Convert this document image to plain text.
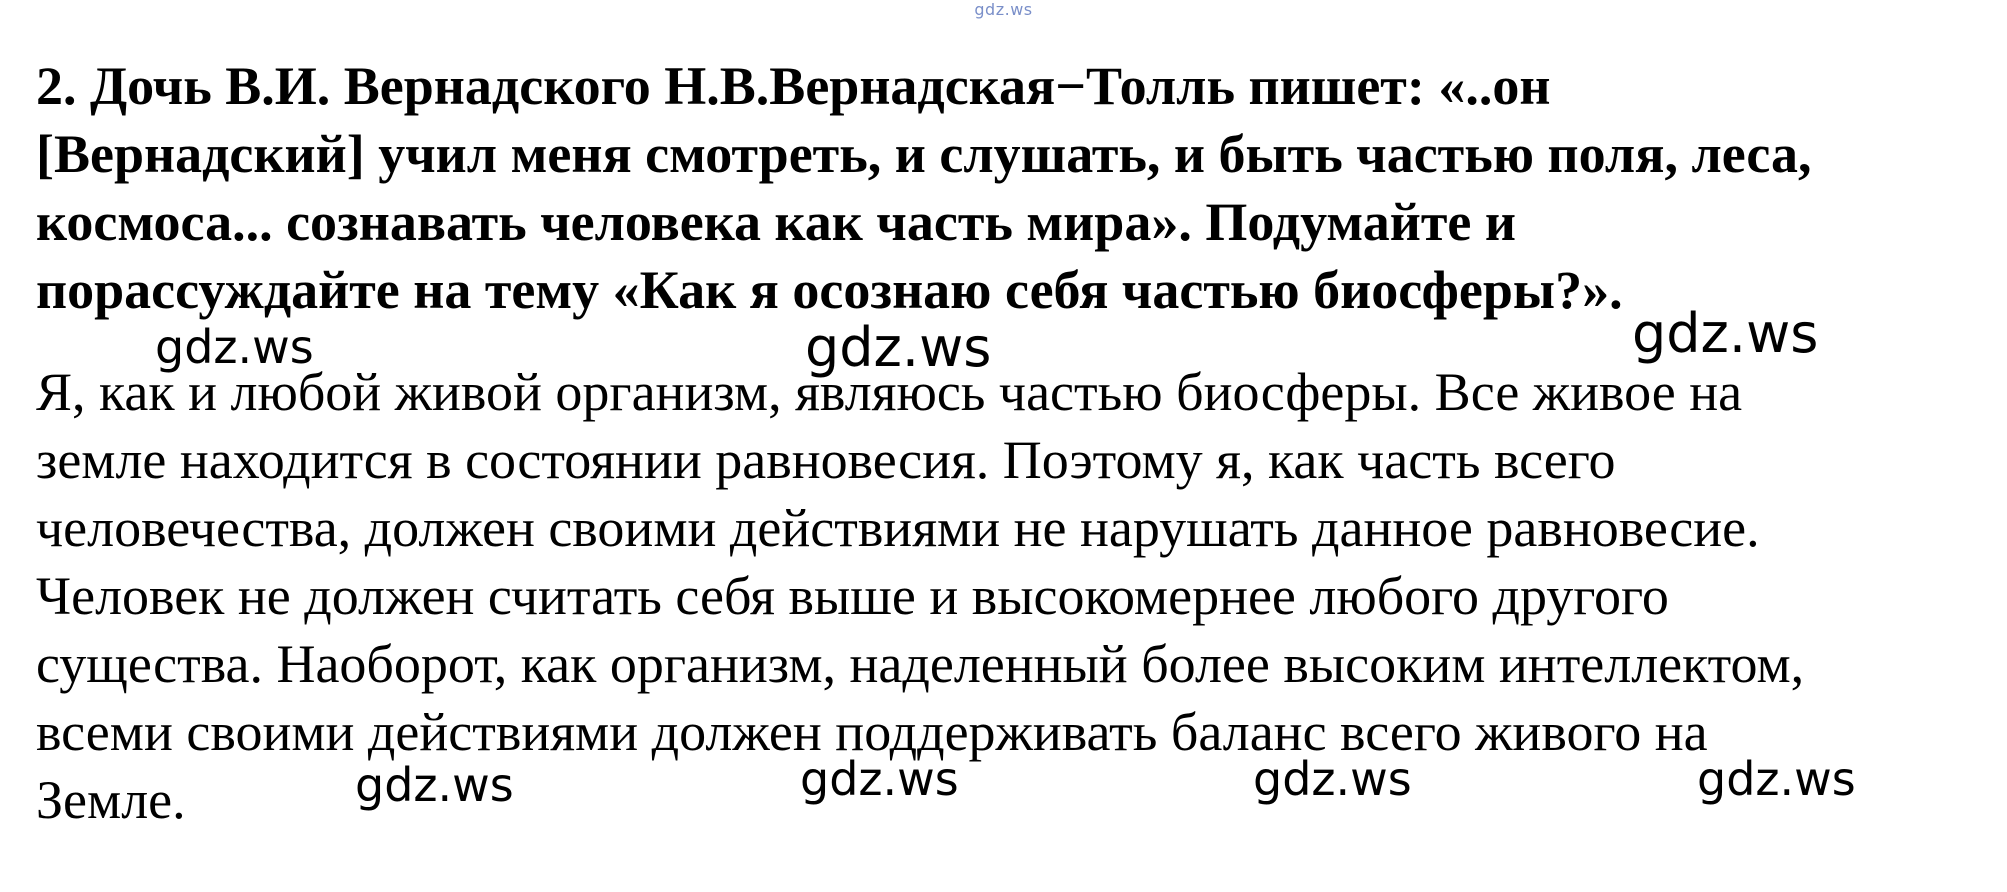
gdz.ws
2. Дочь В.И. Вернадского Н.В.Вернадская−Толль пишет: «..он
[Вернадский] учил меня смотреть, и слушать, и быть частью поля, леса,
космоса... сознавать человека как часть мира». Подумайте и
порассуждайте на тему «Как я осознаю себя частью биосферы?».
Я, как и любой живой организм, являюсь частью биосферы. Все живое на
земле находится в состоянии равновесия. Поэтому я, как часть всего
человечества, должен своими действиями не нарушать данное равновесие.
Человек не должен считать себя выше и высокомернее любого другого
существа. Наоборот, как организм, наделенный более высоким интеллектом,
всеми своими действиями должен поддерживать баланс всего живого на
Земле.
gdz.ws	gdz.ws	gdz.ws
gdz.ws	gdz.ws	gdz.ws	gdz.ws
